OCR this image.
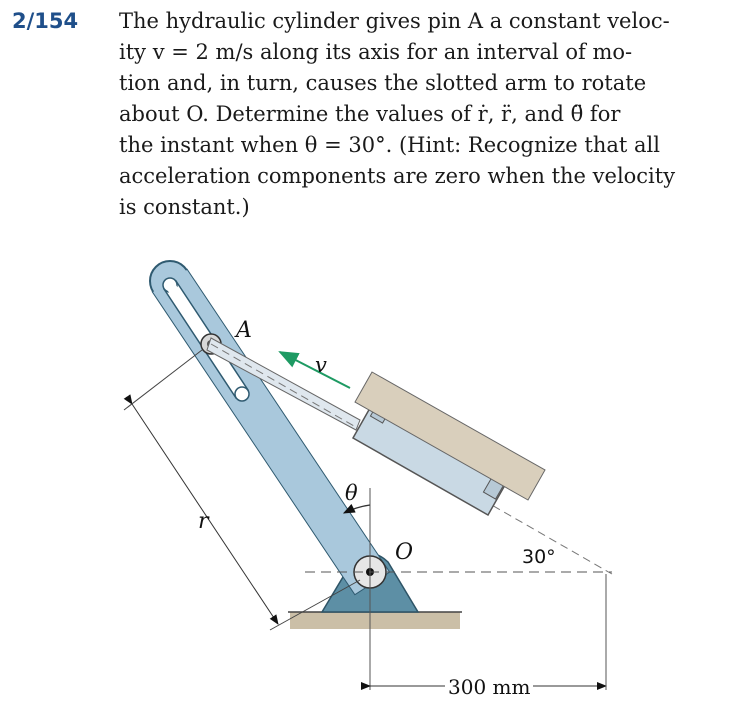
2/154 The hydraulic cylinder gives pin A a constant veloc-
ity v = 2 m/s along its axis for an interval of mo-
tion and, in turn, causes the slotted arm to rotate
about O. Determine the values of ṙ, r̈, and θ̈ for
the instant when θ = 30°. (Hint: Recognize that all
acceleration components are zero when the velocity
is constant.)
A
v
θ
O
r
30°
300 mm
